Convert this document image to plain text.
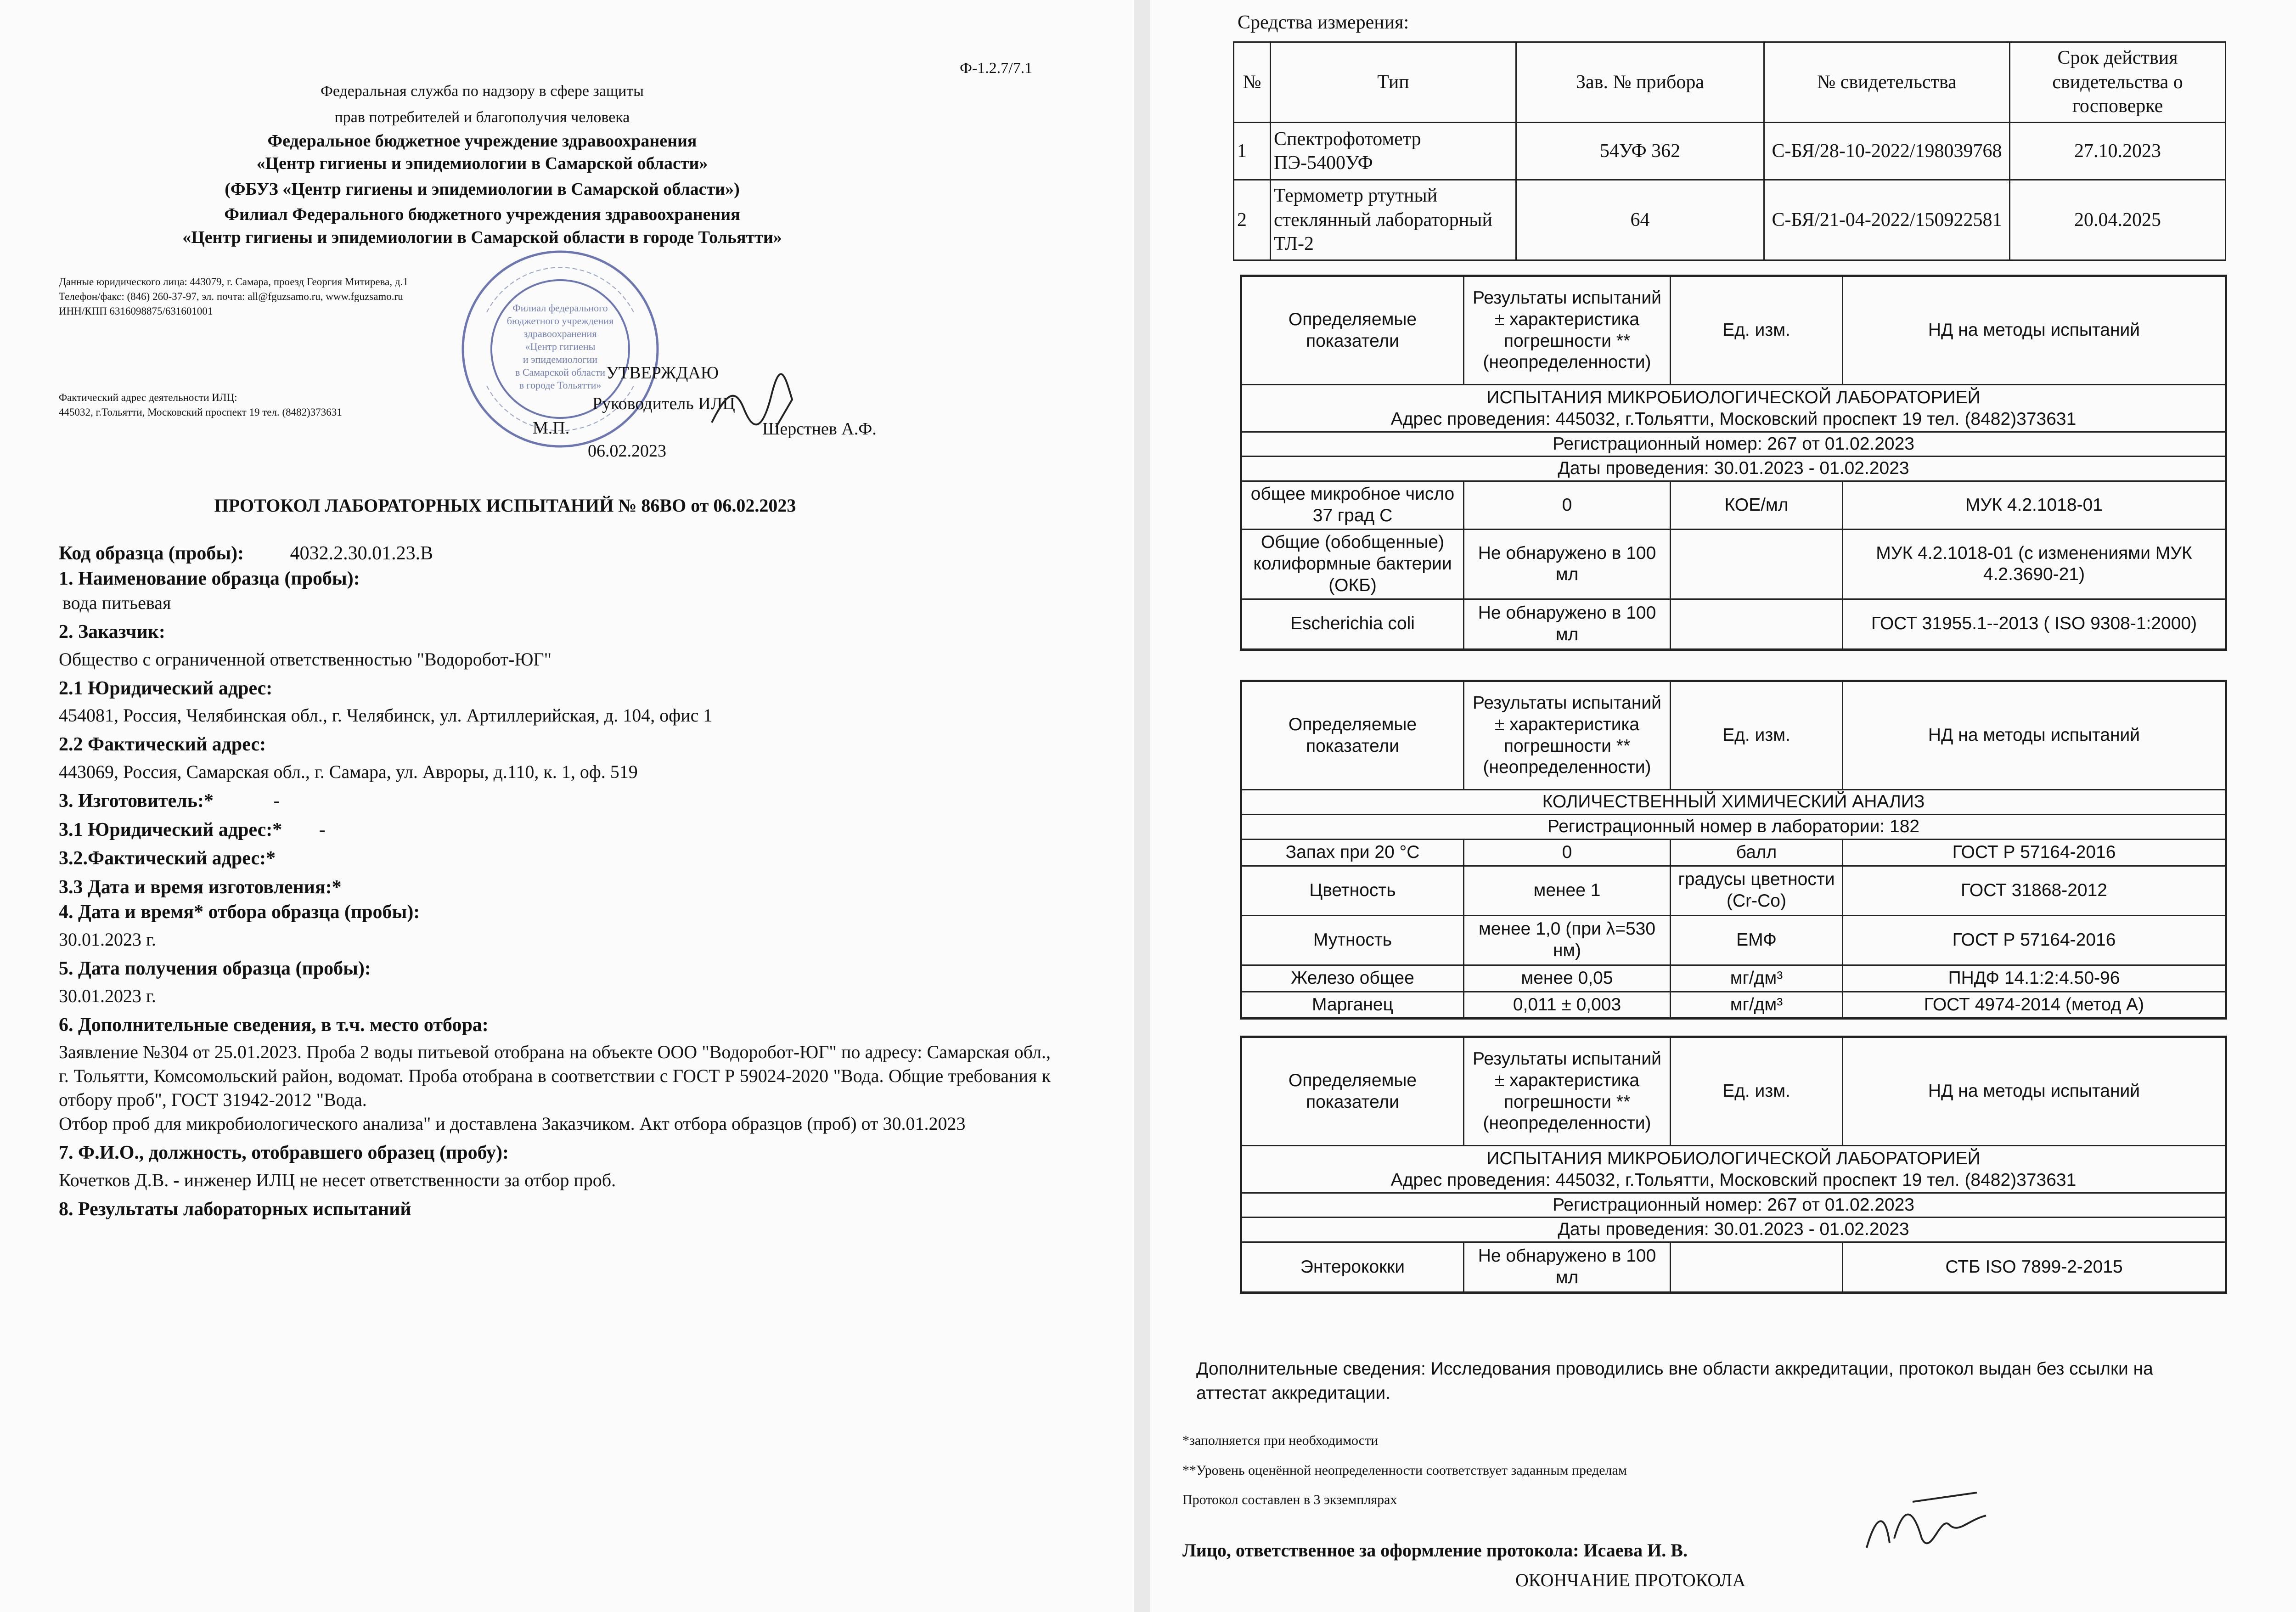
Ф-1.2.7/7.1
Федеральная служба по надзору в сфере защиты
прав потребителей и благополучия человека
Федеральное бюджетное учреждение здравоохранения
«Центр гигиены и эпидемиологии в Самарской области»
(ФБУЗ «Центр гигиены и эпидемиологии в Самарской области»)
Филиал Федерального бюджетного учреждения здравоохранения
«Центр гигиены и эпидемиологии в Самарской области в городе Тольятти»
Данные юридического лица: 443079, г. Самара, проезд Георгия Митирева, д.1
Телефон/факс: (846) 260-37-97, эл. почта: all@fguzsamo.ru, www.fguzsamo.ru
ИНН/КПП 6316098875/631601001
Фактический адрес деятельности ИЛЦ:
445032, г.Тольятти, Московский проспект 19 тел. (8482)373631
Филиал федерального
бюджетного учреждения
здравоохранения
«Центр гигиены
и эпидемиологии
в Самарской области
в городе Тольятти»
УТВЕРЖДАЮ
Руководитель ИЛЦ
М.П.	Шерстнев А.Ф.
06.02.2023
ПРОТОКОЛ ЛАБОРАТОРНЫХ ИСПЫТАНИЙ № 86ВО от 06.02.2023
Код образца (пробы): 4032.2.30.01.23.В
1. Наименование образца (пробы):
вода питьевая
2. Заказчик:
Общество с ограниченной ответственностью "Водоробот-ЮГ"
2.1 Юридический адрес:
454081, Россия, Челябинская обл., г. Челябинск, ул. Артиллерийская, д. 104, офис 1
2.2 Фактический адрес:
443069, Россия, Самарская обл., г. Самара, ул. Авроры, д.110, к. 1, оф. 519
3. Изготовитель:*	-
3.1 Юридический адрес:* -
3.2.Фактический адрес:*
3.3 Дата и время изготовления:*
4. Дата и время* отбора образца (пробы):
30.01.2023 г.
5. Дата получения образца (пробы):
30.01.2023 г.
6. Дополнительные сведения, в т.ч. место отбора:
Заявление №304 от 25.01.2023. Проба 2 воды питьевой отобрана на объекте ООО "Водоробот-ЮГ" по адресу: Самарская обл., г. Тольятти, Комсомольский район, водомат. Проба отобрана в соответствии с ГОСТ Р 59024-2020 "Вода. Общие требования к отбору проб", ГОСТ 31942-2012 "Вода.
Отбор проб для микробиологического анализа" и доставлена Заказчиком. Акт отбора образцов (проб) от 30.01.2023
7. Ф.И.О., должность, отобравшего образец (пробу):
Кочетков Д.В. - инженер ИЛЦ не несет ответственности за отбор проб.
8. Результаты лабораторных испытаний
Средства измерения:
№	Тип	Зав. № прибора	№ свидетельства	Срок действия свидетельства о госповерке
1	Спектрофотометр ПЭ-5400УФ	54УФ 362	С-БЯ/28-10-2022/198039768	27.10.2023
2	Термометр ртутный стеклянный лабораторный ТЛ-2	64	С-БЯ/21-04-2022/150922581	20.04.2025
Определяемые показатели	Результаты испытаний ± характеристика погрешности **(неопределенности)	Ед. изм.	НД на методы испытаний

ИСПЫТАНИЯ МИКРОБИОЛОГИЧЕСКОЙ ЛАБОРАТОРИЕЙ
Адрес проведения: 445032, г.Тольятти, Московский проспект 19 тел. (8482)373631			

Регистрационный номер: 267 от 01.02.2023			
Даты проведения: 30.01.2023 - 01.02.2023			
общее микробное число 37 град С	0	КОЕ/мл	МУК 4.2.1018-01
Общие (обобщенные) колиформные бактерии (ОКБ)	Не обнаружено в 100 мл		МУК 4.2.1018-01 (с изменениями МУК 4.2.3690-21)
Escherichia coli	Не обнаружено в 100 мл		ГОСТ 31955.1--2013 ( ISO 9308-1:2000)
Определяемые показатели	Результаты испытаний ± характеристика погрешности **(неопределенности)	Ед. изм.	НД на методы испытаний
КОЛИЧЕСТВЕННЫЙ ХИМИЧЕСКИЙ АНАЛИЗ			
Регистрационный номер в лаборатории: 182			
Запах при 20 °С	0	балл	ГОСТ Р 57164-2016
Цветность	менее 1	градусы цветности (Cr-Co)	ГОСТ 31868-2012
Мутность	менее 1,0 (при λ=530 нм)	ЕМФ	ГОСТ Р 57164-2016
Железо общее	менее 0,05	мг/дм³	ПНДФ 14.1:2:4.50-96
Марганец	0,011 ± 0,003	мг/дм³	ГОСТ 4974-2014 (метод А)
Определяемые показатели	Результаты испытаний ± характеристика погрешности **(неопределенности)	Ед. изм.	НД на методы испытаний

ИСПЫТАНИЯ МИКРОБИОЛОГИЧЕСКОЙ ЛАБОРАТОРИЕЙ
Адрес проведения: 445032, г.Тольятти, Московский проспект 19 тел. (8482)373631			

Регистрационный номер: 267 от 01.02.2023			
Даты проведения: 30.01.2023 - 01.02.2023			
Энтерококки	Не обнаружено в 100 мл		СТБ ISO 7899-2-2015
Дополнительные сведения: Исследования проводились вне области аккредитации, протокол выдан без ссылки на аттестат аккредитации.
*заполняется при необходимости
**Уровень оценённой неопределенности соответствует заданным пределам
Протокол составлен в 3 экземплярах
Лицо, ответственное за оформление протокола: Исаева И. В.
ОКОНЧАНИЕ ПРОТОКОЛА
